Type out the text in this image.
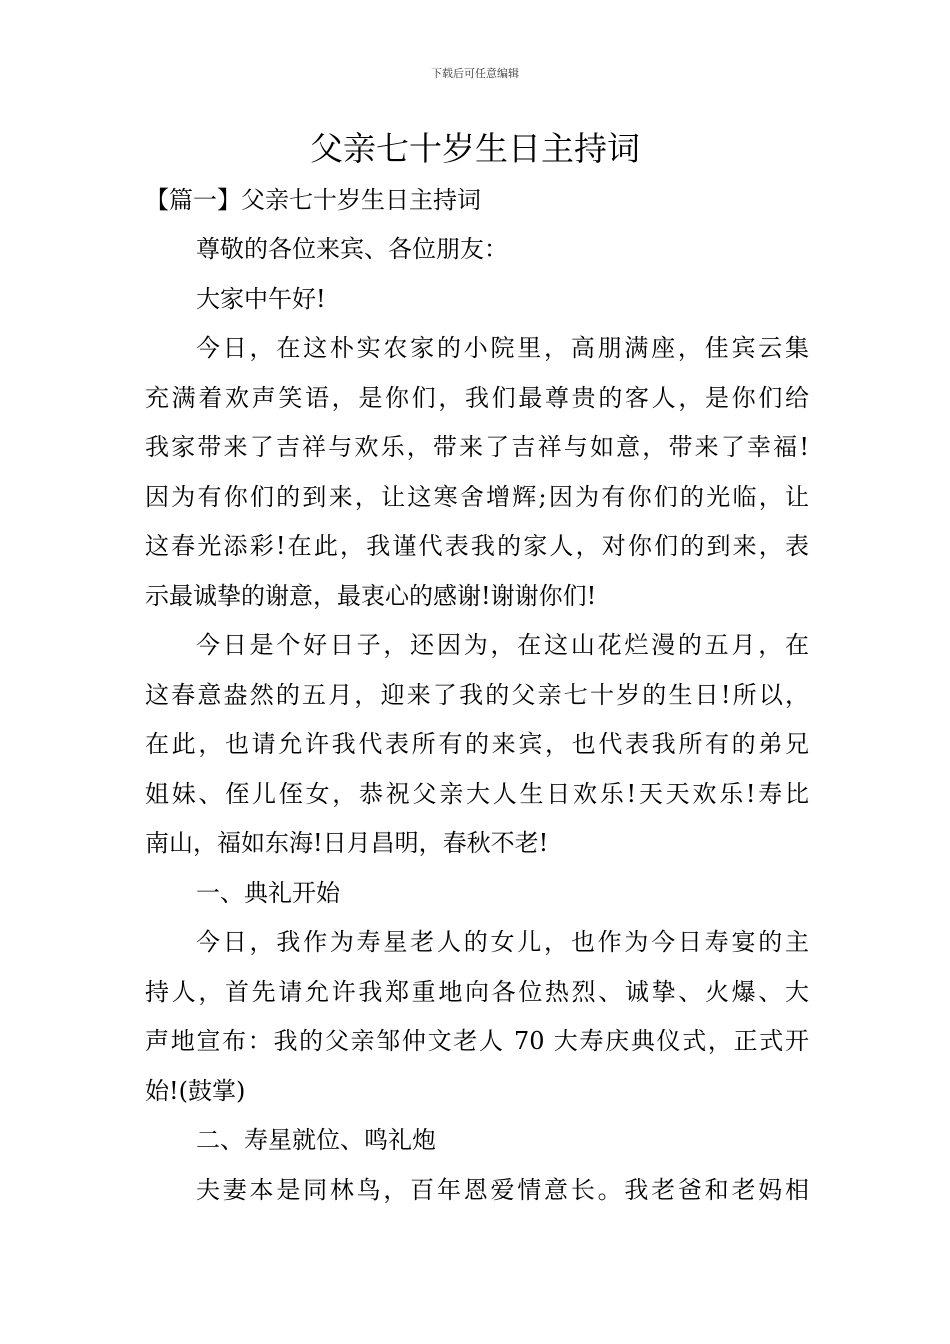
下载后可任意编辑
父亲七十岁生日主持词

【篇一】父亲七十岁生日主持词

尊敬的各位来宾、各位朋友：

大家中午好!

今日，在这朴实农家的小院里，高朋满座，佳宾云集

充满着欢声笑语，是你们，我们最尊贵的客人，是你们给

我家带来了吉祥与欢乐，带来了吉祥与如意，带来了幸福!

因为有你们的到来，让这寒舍增辉;因为有你们的光临，让

这春光添彩!在此，我谨代表我的家人，对你们的到来，表

示最诚挚的谢意，最衷心的感谢!谢谢你们!

今日是个好日子，还因为，在这山花烂漫的五月，在

这春意盎然的五月，迎来了我的父亲七十岁的生日!所以，

在此，也请允许我代表所有的来宾，也代表我所有的弟兄

姐妹、侄儿侄女，恭祝父亲大人生日欢乐!天天欢乐!寿比

南山，福如东海!日月昌明，春秋不老!

一、典礼开始

今日，我作为寿星老人的女儿，也作为今日寿宴的主

持人，首先请允许我郑重地向各位热烈、诚挚、火爆、大

声地宣布：我的父亲邹仲文老人 70 大寿庆典仪式，正式开

始!(鼓掌)

二、寿星就位、鸣礼炮

夫妻本是同林鸟，百年恩爱情意长。我老爸和老妈相
